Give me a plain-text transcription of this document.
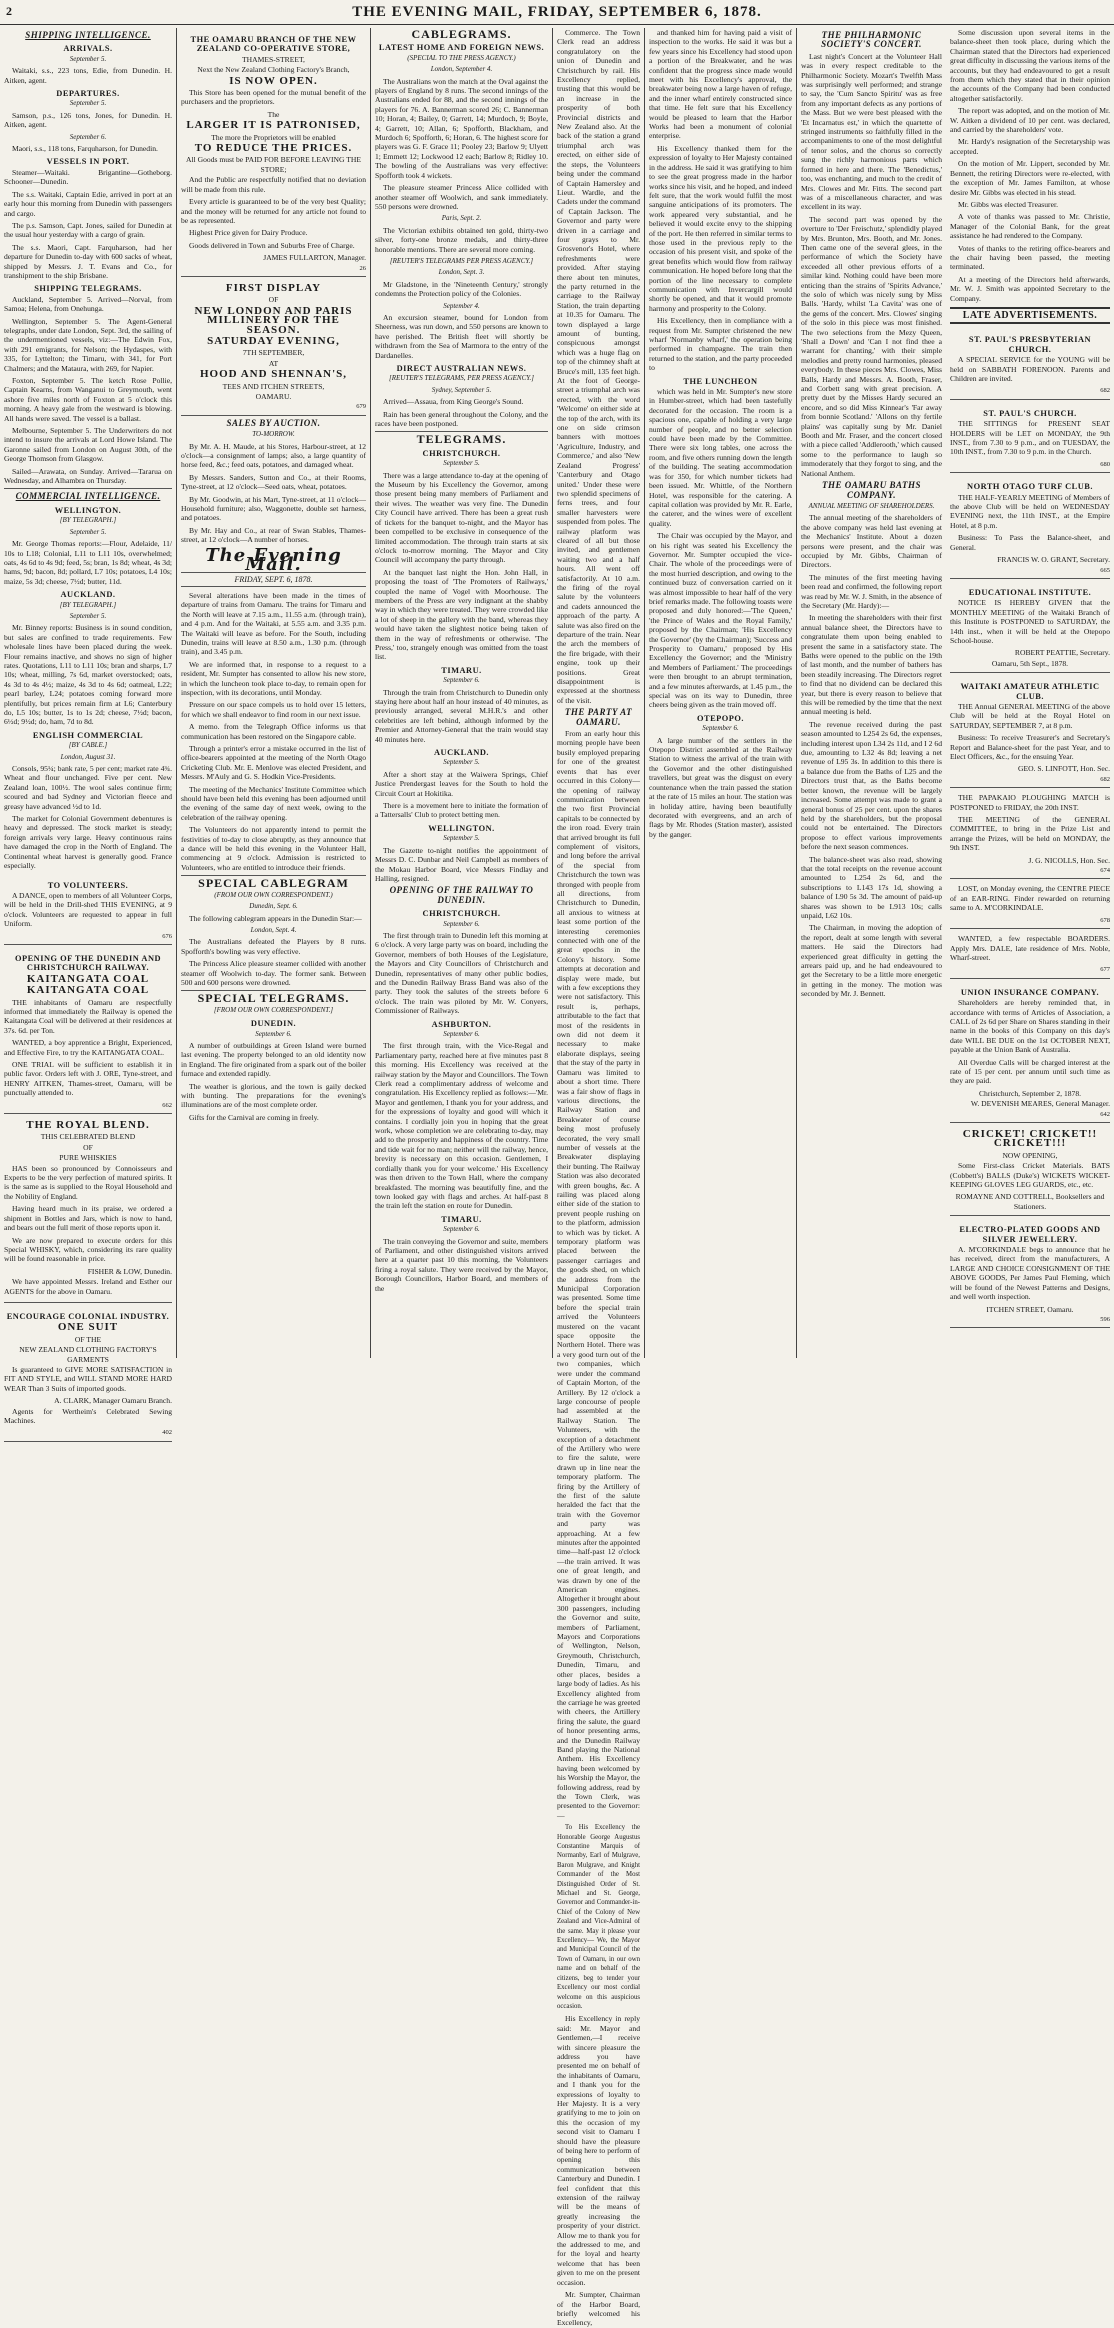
2	THE EVENING MAIL, FRIDAY, SEPTEMBER 6, 1878.
SHIPPING INTELLIGENCE.
ARRIVALS.
September 5.

Waitaki, s.s., 223 tons, Edie, from Dunedin. H. Aitken, agent.

DEPARTURES.
September 5.

Samson, p.s., 126 tons, Jones, for Dunedin. H. Aitken, agent.

September 6.

Maori, s.s., 118 tons, Farquharson, for Dunedin.

VESSELS IN PORT.

Steamer—Waitaki. Brigantine—Gotheborg. Schooner—Dunedin.

The s.s. Waitaki, Captain Edie, arrived in port at an early hour this morning from Dunedin with passengers and cargo.

The p.s. Samson, Capt. Jones, sailed for Dunedin at the usual hour yesterday with a cargo of grain.

The s.s. Maori, Capt. Farquharson, had her departure for Dunedin to-day with 600 sacks of wheat, shipped by Messrs. J. T. Evans and Co., for transhipment to the ship Brisbane.

SHIPPING TELEGRAMS.

Auckland, September 5. Arrived—Norval, from Samoa; Helena, from Onehunga.

Wellington, September 5. The Agent-General telegraphs, under date London, Sept. 3rd, the sailing of the undermentioned vessels, viz:—The Edwin Fox, with 291 emigrants, for Nelson; the Hydaspes, with 335, for Lyttelton; the Timaru, with 341, for Port Chalmers; and the Mataura, with 269, for Napier.

Foxton, September 5. The ketch Rose Pollie, Captain Kearns, from Wanganui to Greymouth, went ashore five miles north of Foxton at 5 o'clock this morning. A heavy gale from the westward is blowing. All hands were saved. The vessel is a ballast.

Melbourne, September 5. The Underwriters do not intend to insure the arrivals at Lord Howe Island. The Garonne sailed from London on August 30th, of the George Thomson from Glasgow.

Sailed—Arawata, on Sunday. Arrived—Tararua on Wednesday, and Alhambra on Thursday.

COMMERCIAL INTELLIGENCE.
WELLINGTON.
[BY TELEGRAPH.]
September 5.

Mr. George Thomas reports:—Flour, Adelaide, 11/ 10s to L18; Colonial, L11 to L11 10s, overwhelmed; oats, 4s 6d to 4s 9d; feed, 5s; bran, 1s 8d; wheat, 4s 3d; hams, 9d; bacon, 8d; pollard, L7 10s; potatoes, L4 10s; maize, 5s 3d; cheese, 7½d; butter, 11d.

AUCKLAND.
[BY TELEGRAPH.]
September 5.

Mr. Binney reports: Business is in sound condition, but sales are confined to trade requirements. Few wholesale lines have been placed during the week. Flour remains inactive, and shows no sign of higher rates. Quotations, L11 to L11 10s; bran and sharps, L7 10s; wheat, milling, 7s 6d, market overstocked; oats, 4s 3d to 4s 4½; maize, 4s 3d to 4s 6d; oatmeal, L22; pearl barley, L24; potatoes coming forward more plentifully, but prices remain firm at L6; Canterbury do, L5 10s; butter, 1s to 1s 2d; cheese, 7½d; bacon, 6½d; 9½d; do, ham, 7d to 8d.

ENGLISH COMMERCIAL
[BY CABLE.]
London, August 31.

Consols, 95¼; bank rate, 5 per cent; market rate 4¾. Wheat and flour unchanged. Five per cent. New Zealand loan, 100½. The wool sales continue firm; scoured and bad Sydney and Victorian fleece and greasy have advanced ½d to 1d.

The market for Colonial Government debentures is heavy and depressed. The stock market is steady; foreign arrivals very large. Heavy continuous rains have damaged the crop in the North of England. The Continental wheat harvest is generally good. France especially.

TO VOLUNTEERS.

A DANCE, open to members of all Volunteer Corps, will be held in the Drill-shed THIS EVENING, at 9 o'clock. Volunteers are requested to appear in full Uniform.

676
OPENING OF THE DUNEDIN AND CHRISTCHURCH RAILWAY.
KAITANGATA COAL
KAITANGATA COAL

THE inhabitants of Oamaru are respectfully informed that immediately the Railway is opened the Kaitangata Coal will be delivered at their residences at 37s. 6d. per Ton.

WANTED, a boy apprentice a Bright, Experienced, and Effective Fire, to try the KAITANGATA COAL.

ONE TRIAL will be sufficient to establish it in public favor. Orders left with J. ORE, Tyne-street, and HENRY AITKEN, Thames-street, Oamaru, will be punctually attended to.

662
THE ROYAL BLEND.
THIS CELEBRATED BLEND
OF
PURE WHISKIES

HAS been so pronounced by Connoisseurs and Experts to be the very perfection of matured spirits. It is the same as is supplied to the Royal Household and the Nobility of England.

Having heard much in its praise, we ordered a shipment in Bottles and Jars, which is now to hand, and bears out the full merit of those reports upon it.

We are now prepared to execute orders for this Special WHISKY, which, considering its rare quality will be found reasonable in price.

FISHER & LOW, Dunedin.

We have appointed Messrs. Ireland and Esther our AGENTS for the above in Oamaru.

ENCOURAGE COLONIAL INDUSTRY.
ONE SUIT
OF THE
NEW ZEALAND CLOTHING FACTORY'S GARMENTS

Is guaranteed to GIVE MORE SATISFACTION in FIT AND STYLE, and WILL STAND MORE HARD WEAR Than 3 Suits of imported goods.

A. CLARK, Manager Oamaru Branch.

Agents for Wertheim's Celebrated Sewing Machines.

402
THE OAMARU BRANCH OF THE NEW ZEALAND CO-OPERATIVE STORE,
THAMES-STREET,
Next the New Zealand Clothing Factory's Branch,
IS NOW OPEN.

This Store has been opened for the mutual benefit of the purchasers and the proprietors.

The
LARGER IT IS PATRONISED,
The more the Proprietors will be enabled
TO REDUCE THE PRICES.
All Goods must be PAID FOR BEFORE LEAVING THE STORE;

And the Public are respectfully notified that no deviation will be made from this rule.

Every article is guaranteed to be of the very best Quality; and the money will be returned for any article not found to be as represented.

Highest Price given for Dairy Produce.

Goods delivered in Town and Suburbs Free of Charge.

JAMES FULLARTON, Manager.
26
FIRST DISPLAY
OF
NEW LONDON AND PARIS MILLINERY FOR THE SEASON.
SATURDAY EVENING,
7TH SEPTEMBER,
AT
HOOD AND SHENNAN'S,
TEES AND ITCHEN STREETS,
OAMARU.
679
SALES BY AUCTION.
TO-MORROW.

By Mr. A. H. Maude, at his Stores, Harbour-street, at 12 o'clock—a consignment of lamps; also, a large quantity of horse feed, &c.; feed oats, potatoes, and damaged wheat.

By Messrs. Sanders, Sutton and Co., at their Rooms, Tyne-street, at 12 o'clock—Seed oats, wheat, potatoes.

By Mr. Goodwin, at his Mart, Tyne-street, at 11 o'clock—Household furniture; also, Waggonette, double set harness, and potatoes.

By Mr. Hay and Co., at rear of Swan Stables, Thames-street, at 12 o'clock—A number of horses.

The Evening Mail.
FRIDAY, SEPT. 6, 1878.

Several alterations have been made in the times of departure of trains from Oamaru. The trains for Timaru and the North will leave at 7.15 a.m., 11.55 a.m. (through train), and 4 p.m. And for the Waitaki, at 5.55 a.m. and 3.35 p.m. The Waitaki will leave as before. For the South, including Dunedin, trains will leave at 8.50 a.m., 1.30 p.m. (through train), and 3.45 p.m.

We are informed that, in response to a request to a resident, Mr. Sumpter has consented to allow his new store, in which the luncheon took place to-day, to remain open for inspection, with its decorations, until Monday.

Pressure on our space compels us to hold over 15 letters, for which we shall endeavor to find room in our next issue.

A memo. from the Telegraph Office informs us that communication has been restored on the Singapore cable.

Through a printer's error a mistake occurred in the list of office-bearers appointed at the meeting of the North Otago Cricketing Club. Mr. E. Menlove was elected President, and Messrs. M'Auly and G. S. Hodkin Vice-Presidents.

The meeting of the Mechanics' Institute Committee which should have been held this evening has been adjourned until the evening of the same day of next week, owing to the celebration of the railway opening.

The Volunteers do not apparently intend to permit the festivities of to-day to close abruptly, as they announce that a dance will be held this evening in the Volunteer Hall, commencing at 9 o'clock. Admission is restricted to Volunteers, who are entitled to introduce their friends.

SPECIAL CABLEGRAM
(FROM OUR OWN CORRESPONDENT.)
Dunedin, Sept. 6.

The following cablegram appears in the Dunedin Star:—

London, Sept. 4.

The Australians defeated the Players by 8 runs. Spofforth's bowling was very effective.

The Princess Alice pleasure steamer collided with another steamer off Woolwich to-day. The former sank. Between 500 and 600 persons were drowned.

SPECIAL TELEGRAMS.
[FROM OUR OWN CORRESPONDENT.]
DUNEDIN.
September 6.

A number of outbuildings at Green Island were burned last evening. The property belonged to an old identity now in England. The fire originated from a spark out of the boiler furnace and extended rapidly.

The weather is glorious, and the town is gaily decked with bunting. The preparations for the evening's illuminations are of the most complete order.

Gifts for the Carnival are coming in freely.

CABLEGRAMS.
LATEST HOME AND FOREIGN NEWS.
(SPECIAL TO THE PRESS AGENCY.)
London, September 4.

The Australians won the match at the Oval against the players of England by 8 runs. The second innings of the Australians ended for 88, and the second innings of the players for 76. A. Bannerman scored 26; C. Bannerman 10; Horan, 4; Bailey, 0; Garrett, 14; Murdoch, 9; Boyle, 4; Garrett, 10; Allan, 6; Spofforth, Blackham, and Murdoch 6; Spofforth, 6; Horan, 6. The highest score for players was G. F. Grace 11; Pooley 23; Barlow 9; Ulyett 1; Emmett 12; Lockwood 12 each; Barlow 8; Ridley 10. The bowling of the Australians was very effective: Spofforth took 4 wickets.

The pleasure steamer Princess Alice collided with another steamer off Woolwich, and sank immediately. 550 persons were drowned.

Paris, Sept. 2.

The Victorian exhibits obtained ten gold, thirty-two silver, forty-one bronze medals, and thirty-three honorable mentions. There are several more coming.

[REUTER'S TELEGRAMS PER PRESS AGENCY.]
London, Sept. 3.

Mr Gladstone, in the 'Nineteenth Century,' strongly condemns the Protection policy of the Colonies.

September 4.

An excursion steamer, bound for London from Sheerness, was run down, and 550 persons are known to have perished. The British fleet will shortly be withdrawn from the Sea of Marmora to the entry of the Dardanelles.

DIRECT AUSTRALIAN NEWS.
[REUTER'S TELEGRAMS, PER PRESS AGENCY.]
Sydney, September 5.

Arrived—Assaua, from King George's Sound.

Rain has been general throughout the Colony, and the races have been postponed.

TELEGRAMS.
CHRISTCHURCH.
September 5.

There was a large attendance to-day at the opening of the Museum by his Excellency the Governor, among those present being many members of Parliament and their wives. The weather was very fine. The Dunedin City Council have arrived. There has been a great rush of tickets for the banquet to-night, and the Mayor has been compelled to be exclusive in consequence of the limited accommodation. The through train starts at six o'clock to-morrow morning. The Mayor and City Council will accompany the party through.

At the banquet last night the Hon. John Hall, in proposing the toast of 'The Promoters of Railways,' coupled the name of Vogel with Moorhouse. The members of the Press are very indignant at the shabby way in which they were treated. They were crowded like a lot of sheep in the gallery with the band, whereas they would have taken the slightest notice being taken of them in the way of refreshments or otherwise. 'The Press,' too, strangely enough was omitted from the toast list.

TIMARU.
September 6.

Through the train from Christchurch to Dunedin only staying here about half an hour instead of 40 minutes, as previously arranged, several M.H.R.'s and other celebrities are left behind, although informed by the Premier and Attorney-General that the train would stay 40 minutes here.

AUCKLAND.
September 5.

After a short stay at the Waiwera Springs, Chief Justice Prendergast leaves for the South to hold the Circuit Court at Hokitika.

There is a movement here to initiate the formation of a Tattersalls' Club to protect betting men.

WELLINGTON.
September 5.

The Gazette to-night notifies the appointment of Messrs D. C. Dunbar and Neil Campbell as members of the Mokau Harbor Board, vice Messrs Findlay and Halling, resigned.

OPENING OF THE RAILWAY TO DUNEDIN.
CHRISTCHURCH.
September 6.

The first through train to Dunedin left this morning at 6 o'clock. A very large party was on board, including the Governor, members of both Houses of the Legislature, the Mayors and City Councillors of Christchurch and Dunedin, representatives of many other public bodies, and the Dunedin Railway Brass Band was also of the party. They took the salutes of the streets before 6 o'clock. The train was piloted by Mr. W. Conyers, Commissioner of Railways.

ASHBURTON.
September 6.

The first through train, with the Vice-Regal and Parliamentary party, reached here at five minutes past 8 this morning. His Excellency was received at the railway station by the Mayor and Councillors. The Town Clerk read a complimentary address of welcome and congratulation. His Excellency replied as follows:—'Mr. Mayor and gentlemen, I thank you for your address, and for the expressions of loyalty and good will which it contains. I cordially join you in hoping that the great work, whose completion we are celebrating to-day, may add to the prosperity and happiness of the country. Time and tide wait for no man; neither will the railway, hence, brevity is necessary on this occasion. Gentlemen, I cordially thank you for your welcome.' His Excellency was then driven to the Town Hall, where the company breakfasted. The morning was beautifully fine, and the town looked gay with flags and arches. At half-past 8 the train left the station en route for Dunedin.

TIMARU.
September 6.

The train conveying the Governor and suite, members of Parliament, and other distinguished visitors arrived here at a quarter past 10 this morning, the Volunteers firing a royal salute. They were received by the Mayor, Borough Councillors, Harbor Board, and members of the

Commerce. The Town Clerk read an address congratulatory on the union of Dunedin and Christchurch by rail. His Excellency replied, trusting that this would be an increase in the prosperity of both Provincial districts and New Zealand also. At the back of the station a grand triumphal arch was erected, on either side of the steps, the Volunteers being under the command of Captain Hamersley and Lieut. Wardle, and the Cadets under the command of Captain Jackson. The Governor and party were driven in a carriage and four grays to Mr. Grosvenor's Hotel, where refreshments were provided. After staying there about ten minutes, the party returned in the carriage to the Railway Station, the train departing at 10.35 for Oamaru. The town displayed a large amount of bunting, conspicuous amongst which was a huge flag on top of the chimney shaft at Bruce's mill, 135 feet high. At the foot of George-street a triumphal arch was erected, with the word 'Welcome' on either side at the top of the arch, with its one on side crimson banners with mottoes 'Agriculture, Industry, and Commerce,' and also 'New Zealand Progress' 'Canterbury and Otago united.' Under these were two splendid specimens of ferns trees, and four smaller harvesters were suspended from poles. The railway platform was cleared of all but those invited, and gentlemen waiting two and a half hours. All went off satisfactorily. At 10 a.m. the firing of the royal salute by the volunteers and cadets announced the approach of the party. A salute was also fired on the departure of the train. Near the arch the members of the fire brigade, with their engine, took up their positions. Great disappointment is expressed at the shortness of the visit.

THE PARTY AT OAMARU.

From an early hour this morning people have been busily employed preparing for one of the greatest events that has ever occurred in this Colony—the opening of railway communication between the two first Provincial capitals to be connected by the iron road. Every train that arrived brought its full complement of visitors, and long before the arrival of the special from Christchurch the town was thronged with people from all directions, from Christchurch to Dunedin, all anxious to witness at least some portion of the interesting ceremonies connected with one of the great epochs in the Colony's history. Some attempts at decoration and display were made, but with a few exceptions they were not satisfactory. This result is, perhaps, attributable to the fact that most of the residents in own did not deem it necessary to make elaborate displays, seeing that the stay of the party in Oamaru was limited to about a short time. There was a fair show of flags in various directions, the Railway Station and Breakwater of course being most profusely decorated, the very small number of vessels at the Breakwater displaying their bunting. The Railway Station was also decorated with green boughs, &c. A railing was placed along either side of the station to prevent people rushing on to the platform, admission to which was by ticket. A temporary platform was placed between the passenger carriages and the goods shed, on which the address from the Municipal Corporation was presented. Some time before the special train arrived the Volunteers mustered on the vacant space opposite the Northern Hotel. There was a very good turn out of the two companies, which were under the command of Captain Morton, of the Artillery. By 12 o'clock a large concourse of people had assembled at the Railway Station. The Volunteers, with the exception of a detachment of the Artillery who were to fire the salute, were drawn up in line near the temporary platform. The firing by the Artillery of the first of the salute heralded the fact that the train with the Governor and party was approaching. At a few minutes after the appointed time—half-past 12 o'clock—the train arrived. It was one of great length, and was drawn by one of the American engines. Altogether it brought about 300 passengers, including the Governor and suite, members of Parliament, Mayors and Corporations of Wellington, Nelson, Greymouth, Christchurch, Dunedin, Timaru, and other places, besides a large body of ladies. As his Excellency alighted from the carriage he was greeted with cheers, the Artillery firing the salute, the guard of honor presenting arms, and the Dunedin Railway Band playing the National Anthem. His Excellency having been welcomed by his Worship the Mayor, the following address, read by the Town Clerk, was presented to the Governor:—

To His Excellency the Honorable George Augustus Constantine Marquis of Normanby, Earl of Mulgrave, Baron Mulgrave, and Knight Commander of the Most Distinguished Order of St. Michael and St. George, Governor and Commander-in-Chief of the Colony of New Zealand and Vice-Admiral of the same. May it please your Excellency— We, the Mayor and Municipal Council of the Town of Oamaru, in our own name and on behalf of the citizens, beg to tender your Excellency our most cordial welcome on this auspicious occasion.

His Excellency in reply said: Mr. Mayor and Gentlemen,—I receive with sincere pleasure the address you have presented me on behalf of the inhabitants of Oamaru, and I thank you for the expressions of loyalty to Her Majesty. It is a very gratifying to me to join on this the occasion of my second visit to Oamaru I should have the pleasure of being here to perform of opening this communication between Canterbury and Dunedin. I feel confident that this extension of the railway will be the means of greatly increasing the prosperity of your district. Allow me to thank you for the addressed to me, and for the loyal and hearty welcome that has been given to me on the present occasion.

Mr. Sumpter, Chairman of the Harbor Board, briefly welcomed his Excellency,

and thanked him for having paid a visit of inspection to the works. He said it was but a few years since his Excellency had stood upon a portion of the Breakwater, and he was confident that the progress since made would meet with his Excellency's approval, the breakwater being now a large haven of refuge, and the inner wharf entirely constructed since that time. He felt sure that his Excellency would be pleased to learn that the Harbor Works had been a monument of colonial enterprise.

His Excellency thanked them for the expression of loyalty to Her Majesty contained in the address. He said it was gratifying to him to see the great progress made in the harbor works since his visit, and he hoped, and indeed felt sure, that the work would fulfil the most sanguine anticipations of its promoters. The work appeared very substantial, and he believed it would excite envy to the shipping of the port. He then referred in similar terms to those used in the previous reply to the occasion of his present visit, and spoke of the great benefits which would flow from railway communication. He hoped before long that the portion of the line necessary to complete communication with Invercargill would shortly be opened, and that it would promote harmony and prosperity to the Colony.

His Excellency, then in compliance with a request from Mr. Sumpter christened the new wharf 'Normanby wharf,' the operation being performed in champagne. The train then returned to the station, and the party proceeded to

THE LUNCHEON

which was held in Mr. Sumpter's new store in Humber-street, which had been tastefully decorated for the occasion. The room is a spacious one, capable of holding a very large number of people, and no better selection could have been made by the Committee. There were six long tables, one across the room, and five others running down the length of the building. The seating accommodation was for 350, for which number tickets had been issued. Mr. Whittle, of the Northern Hotel, was responsible for the catering. A capital collation was provided by Mr. R. Earle, the caterer, and the wines were of excellent quality.

The Chair was occupied by the Mayor, and on his right was seated his Excellency the Governor. Mr. Sumpter occupied the vice-Chair. The whole of the proceedings were of the most hurried description, and owing to the continued buzz of conversation carried on it was almost impossible to hear half of the very brief remarks made. The following toasts were proposed and duly honored:—'The Queen,' 'the Prince of Wales and the Royal Family,' proposed by the Chairman; 'His Excellency the Governor' (by the Chairman); 'Success and Prosperity to Oamaru,' proposed by His Excellency the Governor; and the 'Ministry and Members of Parliament.' The proceedings were then brought to an abrupt termination, and a few minutes afterwards, at 1.45 p.m., the special was on its way to Dunedin, three cheers being given as the train moved off.

OTEPOPO.
September 6.

A large number of the settlers in the Otepopo District assembled at the Railway Station to witness the arrival of the train with the Governor and the other distinguished travellers, but great was the disgust on every countenance when the train passed the station at the rate of 15 miles an hour. The station was in holiday attire, having been beautifully decorated with evergreens, and an arch of flags by Mr. Rhodes (Station master), assisted by the ganger.

THE PHILHARMONIC SOCIETY'S CONCERT.

Last night's Concert at the Volunteer Hall was in every respect creditable to the Philharmonic Society. Mozart's Twelfth Mass was surprisingly well performed; and strange to say, the 'Cum Sancto Spiritu' was as free from any important defects as any portions of the Mass. But we were best pleased with the 'Et Incarnatus est,' in which the quartette of stringed instruments so faithfully filled in the accompaniments to one of the most delightful of tenor solos, and the chorus so correctly sung the richly harmonious parts which formed in here and there. The 'Benedictus,' too, was enchanting, and much to the credit of Mrs. Clowes and Mr. Fitts. The second part was of a miscellaneous character, and was excellent in its way.

The second part was opened by the overture to 'Der Freischutz,' splendidly played by Mrs. Brunton, Mrs. Booth, and Mr. Jones. Then came one of the several glees, in the performance of which the Society have exceeded all other previous efforts of a similar kind. Nothing could have been more enticing than the strains of 'Spirits Advance,' the solo of which was nicely sung by Miss Balls. 'Hardy, whilst 'La Cavita' was one of the gems of the concert. Mrs. Clowes' singing of the solo in this piece was most finished. The two selections from the Mezy Queen, 'Shall a Down' and 'Can I not find thee a warrant for chanting,' with their simple melodies and pretty round harmonies, pleased everybody. In these pieces Mrs. Clowes, Miss Balls, Hardy and Messrs. A. Booth, Fraser, and Corbett sang with great precision. A pretty duet by the Misses Hardy secured an encore, and so did Miss Kinnear's 'Far away from bonnie Scotland.' 'Allons on thy fertile plains' was capitally sung by Mr. Daniel Booth and Mr. Fraser, and the concert closed with a piece called 'Addlerooth,' which caused some to the performance to laugh so immoderately that they forgot to sing, and the National Anthem.

THE OAMARU BATHS COMPANY.
ANNUAL MEETING OF SHAREHOLDERS.

The annual meeting of the shareholders of the above company was held last evening at the Mechanics' Institute. About a dozen persons were present, and the chair was occupied by Mr. Gibbs, Chairman of Directors.

The minutes of the first meeting having been read and confirmed, the following report was read by Mr. W. J. Smith, in the absence of the Secretary (Mr. Hardy):—

In meeting the shareholders with their first annual balance sheet, the Directors have to congratulate them upon being enabled to present the same in a satisfactory state. The Baths were opened to the public on the 19th of last month, and the number of bathers has been steadily increasing. The Directors regret to find that no dividend can be declared this year, but there is every reason to believe that this will be remedied by the time that the next annual meeting is held.

The revenue received during the past season amounted to L254 2s 6d, the expenses, including interest upon L34 2s 11d, and I 2 6d due, amounting to L32 4s 8d; leaving a net revenue of L95 3s. In addition to this there is a balance due from the Baths of L25 and the Directors trust that, as the Baths become better known, the revenue will be largely increased. Some attempt was made to grant a general bonus of 25 per cent. upon the shares held by the shareholders, but the proposal could not be entertained. The Directors propose to effect various improvements before the next season commences.

The balance-sheet was also read, showing that the total receipts on the revenue account amounted to L254 2s 6d, and the subscriptions to L143 17s 1d, showing a balance of L90 5s 3d. The amount of paid-up shares was shown to be L913 10s; calls unpaid, L62 10s.

The Chairman, in moving the adoption of the report, dealt at some length with several matters. He said the Directors had experienced great difficulty in getting the arrears paid up, and he had endeavoured to get the Secretary to be a little more energetic in getting in the money. The motion was seconded by Mr. J. Bennett.

Some discussion upon several items in the balance-sheet then took place, during which the Chairman stated that the Directors had experienced great difficulty in discussing the various items of the accounts, but they had endeavoured to get a result from them which they stated that in their opinion the accounts of the Company had been conducted altogether satisfactorily.

The report was adopted, and on the motion of Mr. W. Aitken a dividend of 10 per cent. was declared, and carried by the shareholders' vote.

Mr. Hardy's resignation of the Secretaryship was accepted.

On the motion of Mr. Lippert, seconded by Mr. Bennett, the retiring Directors were re-elected, with the exception of Mr. James Familton, at whose desire Mr. Gibbs was elected in his stead.

Mr. Gibbs was elected Treasurer.

A vote of thanks was passed to Mr. Christie, Manager of the Colonial Bank, for the great assistance he had rendered to the Company.

Votes of thanks to the retiring office-bearers and the chair having been passed, the meeting terminated.

At a meeting of the Directors held afterwards, Mr. W. J. Smith was appointed Secretary to the Company.

LATE ADVERTISEMENTS.
ST. PAUL'S PRESBYTERIAN CHURCH.

A SPECIAL SERVICE for the YOUNG will be held on SABBATH FORENOON. Parents and Children are invited.

682
ST. PAUL'S CHURCH.

THE SITTINGS for PRESENT SEAT HOLDERS will be LET on MONDAY, the 9th INST., from 7.30 to 9 p.m., and on TUESDAY, the 10th INST., from 7.30 to 9 p.m. in the Church.

680
NORTH OTAGO TURF CLUB.

THE HALF-YEARLY MEETING of Members of the above Club will be held on WEDNESDAY EVENING next, the 11th INST., at the Empire Hotel, at 8 p.m.

Business: To Pass the Balance-sheet, and General.

FRANCIS W. O. GRANT, Secretary.
665
EDUCATIONAL INSTITUTE.

NOTICE IS HEREBY GIVEN that the MONTHLY MEETING of the Waitaki Branch of this Institute is POSTPONED to SATURDAY, the 14th inst., when it will be held at the Otepopo School-house.

ROBERT PEATTIE, Secretary.
Oamaru, 5th Sept., 1878.
WAITAKI AMATEUR ATHLETIC CLUB.

THE Annual GENERAL MEETING of the above Club will be held at the Royal Hotel on SATURDAY, SEPTEMBER 7, at 8 p.m.

Business: To receive Treasurer's and Secretary's Report and Balance-sheet for the past Year, and to Elect Officers, &c., for the ensuing Year.

GEO. S. LINFOTT, Hon. Sec.
682

THE PAPAKAIO PLOUGHING MATCH is POSTPONED to FRIDAY, the 20th INST.

THE MEETING of the GENERAL COMMITTEE, to bring in the Prize List and arrange the Prizes, will be held on MONDAY, the 9th INST.

J. G. NICOLLS, Hon. Sec.
674

LOST, on Monday evening, the CENTRE PIECE of an EAR-RING. Finder rewarded on returning same to A. M'CORKINDALE.

678

WANTED, a few respectable BOARDERS. Apply Mrs. DALE, late residence of Mrs. Noble, Wharf-street.

677
UNION INSURANCE COMPANY.

Shareholders are hereby reminded that, in accordance with terms of Articles of Association, a CALL of 2s 6d per Share on Shares standing in their name in the books of this Company on this day's date WILL BE DUE on the 1st OCTOBER NEXT, payable at the Union Bank of Australia.

All Overdue Calls will be charged interest at the rate of 15 per cent. per annum until such time as they are paid.

Christchurch, September 2, 1878.
W. DEVENISH MEARES, General Manager.
642
CRICKET! CRICKET!! CRICKET!!!
NOW OPENING,

Some First-class Cricket Materials. BATS (Cobbett's) BALLS (Duke's) WICKETS WICKET-KEEPING GLOVES LEG GUARDS, etc., etc.

ROMAYNE AND COTTRELL, Booksellers and Stationers.
ELECTRO-PLATED GOODS AND SILVER JEWELLERY.

A. M'CORKINDALE begs to announce that he has received, direct from the manufacturers, A LARGE AND CHOICE CONSIGNMENT OF THE ABOVE GOODS, Per James Paul Fleming, which will be found of the Newest Patterns and Designs, and well worth inspection.

ITCHEN STREET, Oamaru.
596
